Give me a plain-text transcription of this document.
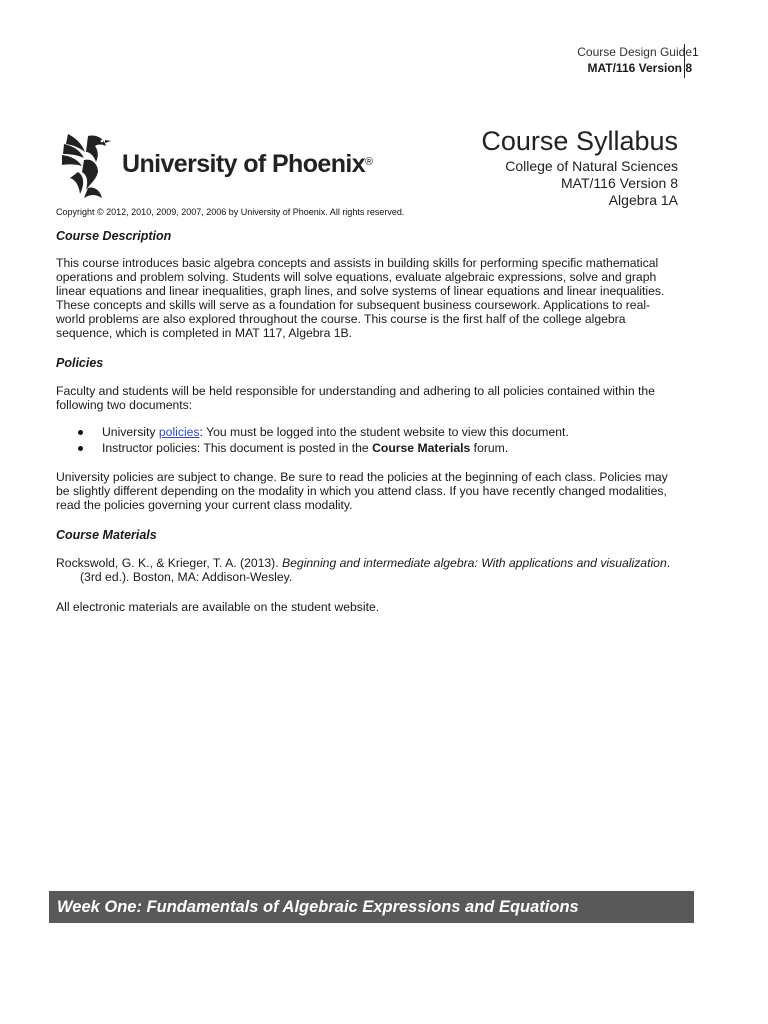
Course Design Guide
MAT/116 Version 8
1
University of Phoenix®
Course Syllabus
College of Natural Sciences
MAT/116 Version 8
Algebra 1A
Copyright © 2012, 2010, 2009, 2007, 2006 by University of Phoenix. All rights reserved.

Course Description

This course introduces basic algebra concepts and assists in building skills for performing specific mathematical operations and problem solving. Students will solve equations, evaluate algebraic expressions, solve and graph linear equations and linear inequalities, graph lines, and solve systems of linear equations and linear inequalities. These concepts and skills will serve as a foundation for subsequent business coursework. Applications to real-world problems are also explored throughout the course. This course is the first half of the college algebra sequence, which is completed in MAT 117, Algebra 1B.

Policies

Faculty and students will be held responsible for understanding and adhering to all policies contained within the following two documents:

University policies: You must be logged into the student website to view this document.
Instructor policies: This document is posted in the Course Materials forum.

University policies are subject to change. Be sure to read the policies at the beginning of each class. Policies may be slightly different depending on the modality in which you attend class. If you have recently changed modalities, read the policies governing your current class modality.

Course Materials

Rockswold, G. K., & Krieger, T. A. (2013). Beginning and intermediate algebra: With applications and visualization. (3rd ed.). Boston, MA: Addison-Wesley.

All electronic materials are available on the student website.

Week One: Fundamentals of Algebraic Expressions and Equations
